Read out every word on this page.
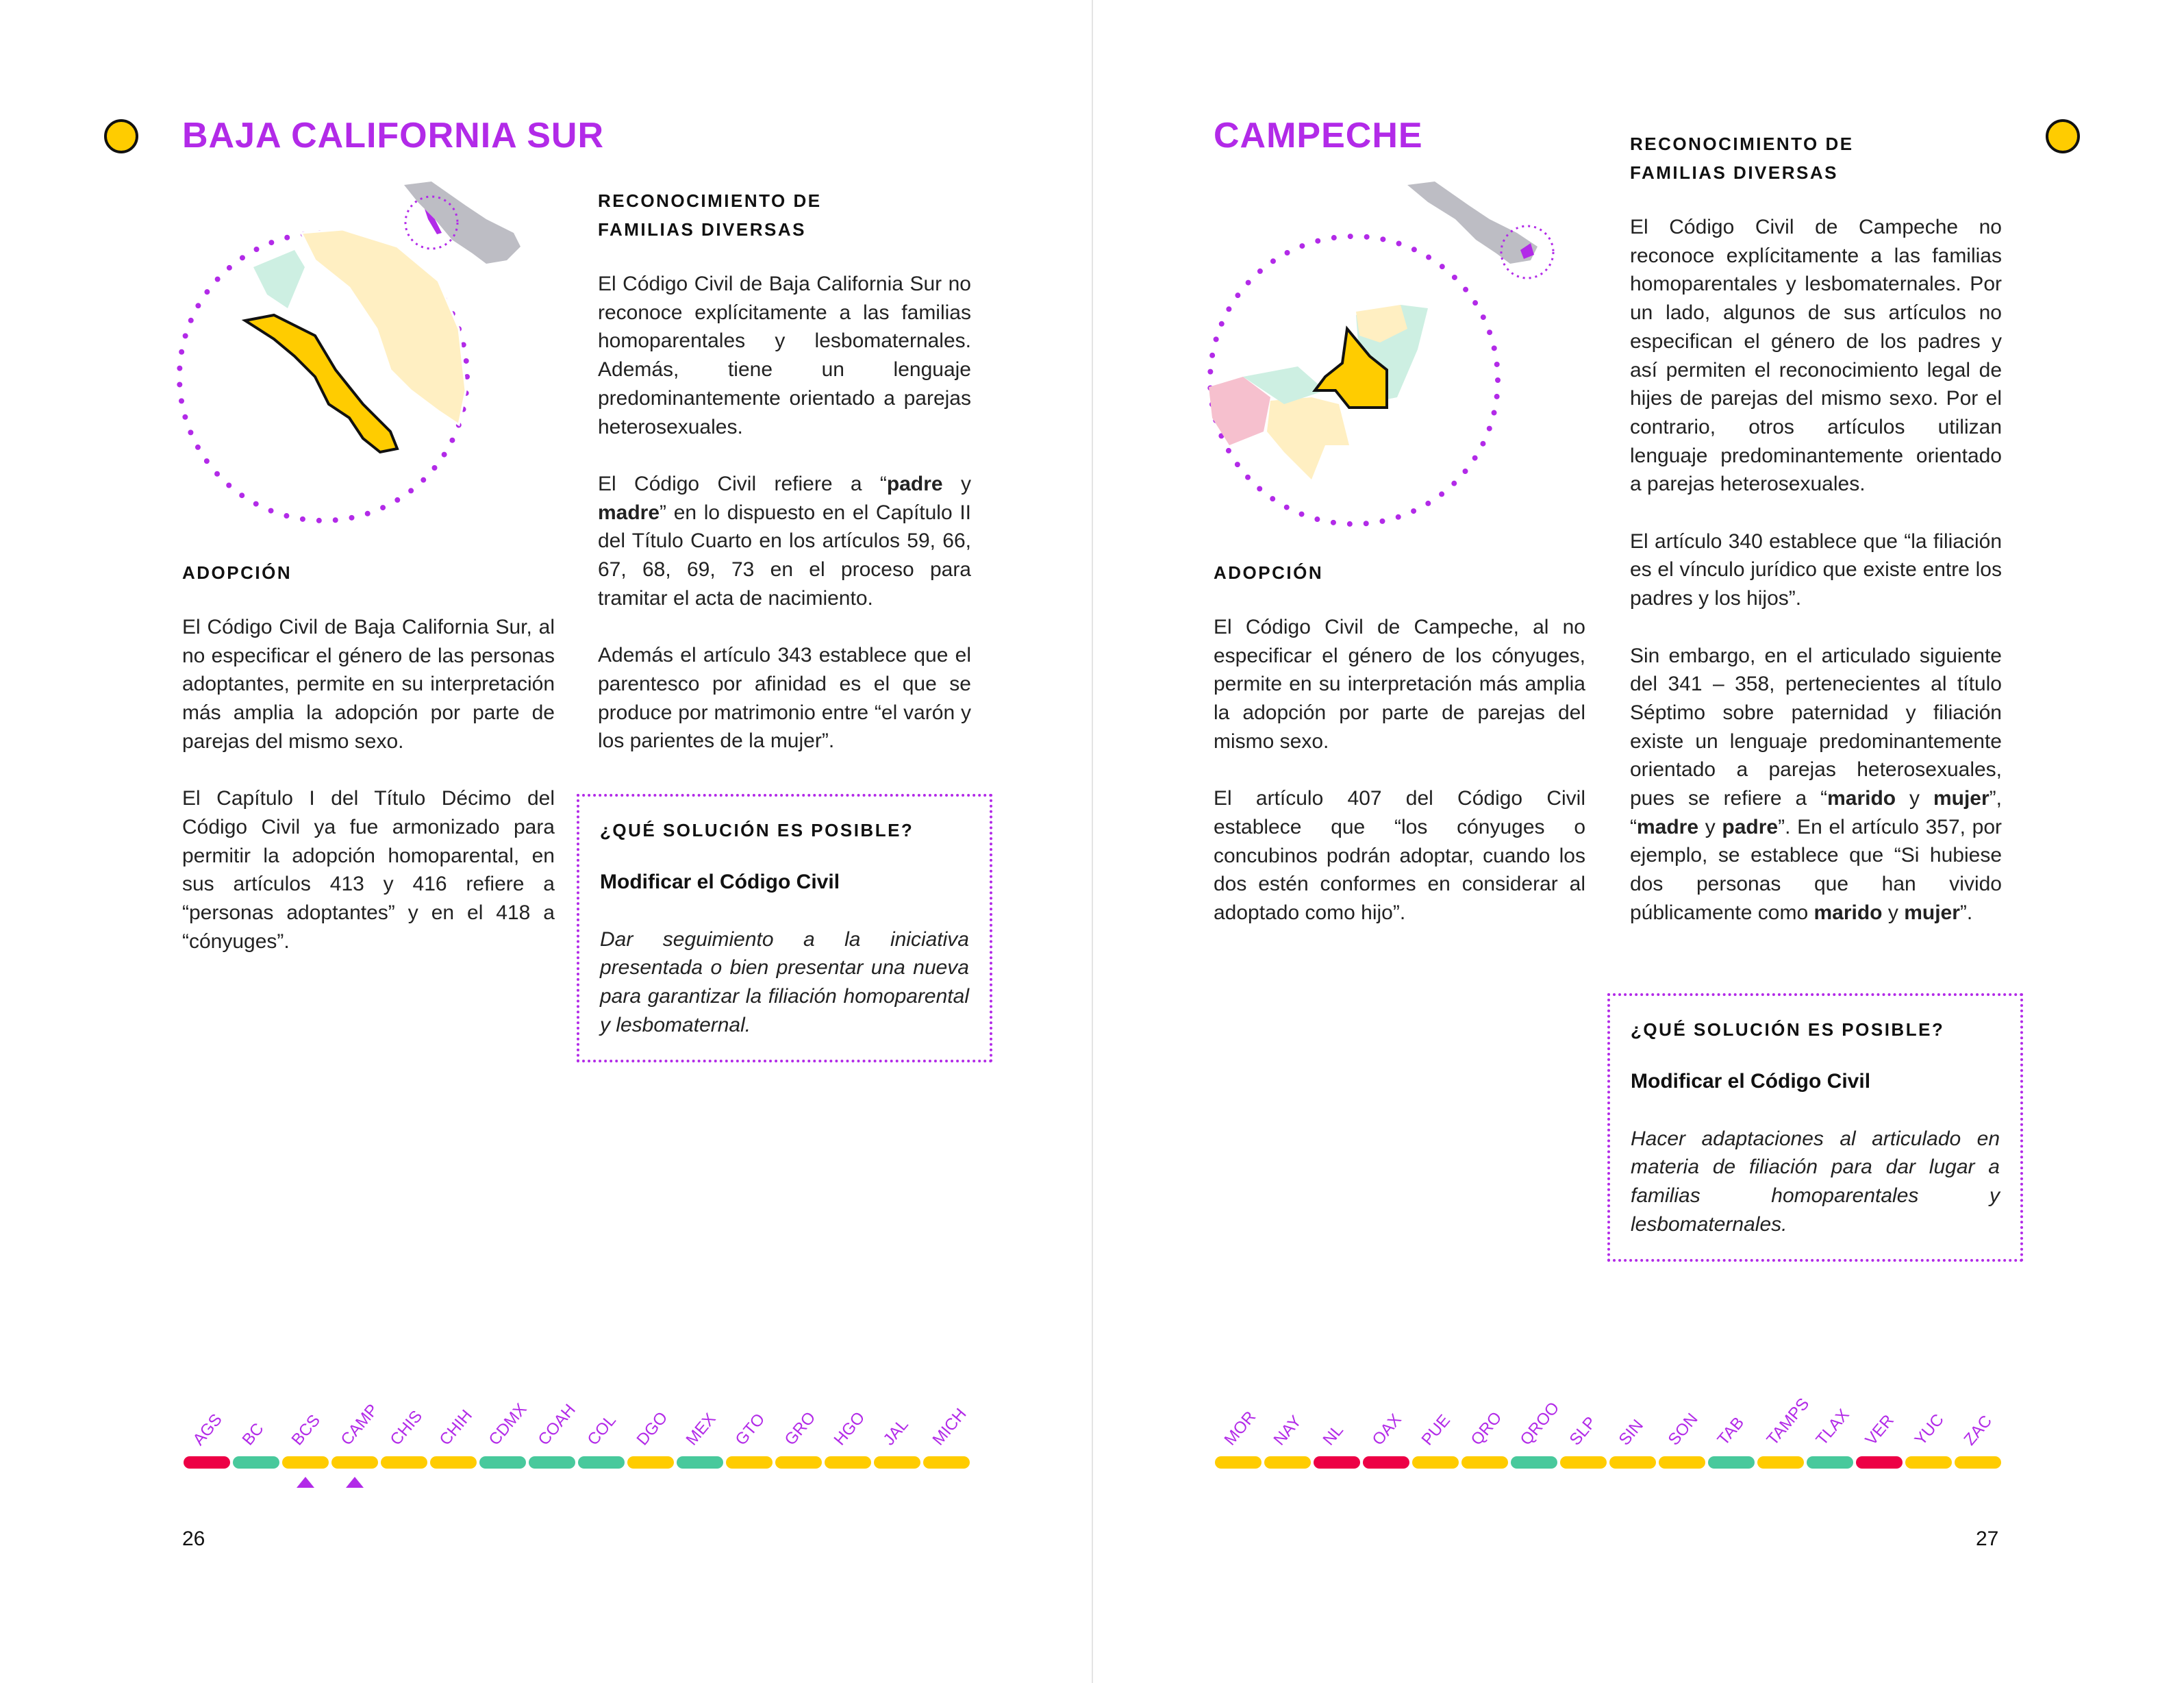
BAJA CALIFORNIA SUR
RECONOCIMIENTO DE
FAMILIAS DIVERSAS
El Código Civil de Baja California Sur no reconoce explícitamente a las familias homoparentales y lesbomaternales. Además, tiene un lenguaje predominantemente orientado a parejas heterosexuales.
El Código Civil refiere a “padre y madre” en lo dispuesto en el Capítulo II del Título Cuarto en los artículos 59, 66, 67, 68, 69, 73 en el proceso para tramitar el acta de nacimiento.
Además el artículo 343 establece que el parentesco por afinidad es el que se produce por matrimonio entre “el varón y los parientes de la mujer”.
ADOPCIÓN
El Código Civil de Baja California Sur, al no especificar el género de las personas adoptantes, permite en su interpretación más amplia la adopción por parte de parejas del mismo sexo.
El Capítulo I del Título Décimo del Código Civil ya fue armonizado para permitir la adopción homoparental, en sus artículos 413 y 416 refiere a “personas adoptantes” y en el 418 a “cónyuges”.
¿QUÉ SOLUCIÓN ES POSIBLE?
Modificar el Código Civil
Dar seguimiento a la iniciativa presentada o bien presentar una nueva para garantizar la filiación homoparental y lesbomaternal.
AGS BC BCS CAMP CHIS CHIH CDMX COAH COL DGO MEX GTO GRO HGO JAL MICH
26
CAMPECHE	RECONOCIMIENTO DE
FAMILIAS DIVERSAS
El Código Civil de Campeche no reconoce explícitamente a las familias homoparentales y lesbomaternales. Por un lado, algunos de sus artículos no especifican el género de los padres y así permiten el reconocimiento legal de hijes de parejas del mismo sexo. Por el contrario, otros artículos utilizan lenguaje predominantemente orientado a parejas heterosexuales.
El artículo 340 establece que “la filiación es el vínculo jurídico que existe entre los padres y los hijos”.
Sin embargo, en el articulado siguiente del 341 – 358, pertenecientes al título Séptimo sobre paternidad y filiación existe un lenguaje predominantemente orientado a parejas heterosexuales, pues se refiere a “marido y mujer”, “madre y padre”. En el artículo 357, por ejemplo, se establece que “Si hubiese dos personas que han vivido públicamente como marido y mujer”.
ADOPCIÓN
El Código Civil de Campeche, al no especificar el género de los cónyuges, permite en su interpretación más amplia la adopción por parte de parejas del mismo sexo.
El artículo 407 del Código Civil establece que “los cónyuges o concubinos podrán adoptar, cuando los dos estén conformes en considerar al adoptado como hijo”.
¿QUÉ SOLUCIÓN ES POSIBLE?
Modificar el Código Civil
Hacer adaptaciones al articulado en materia de filiación para dar lugar a familias homoparentales y lesbomaternales.
MOR NAY NL OAX PUE QRO QROO SLP SIN SON TAB TAMPS TLAX VER YUC ZAC
27
